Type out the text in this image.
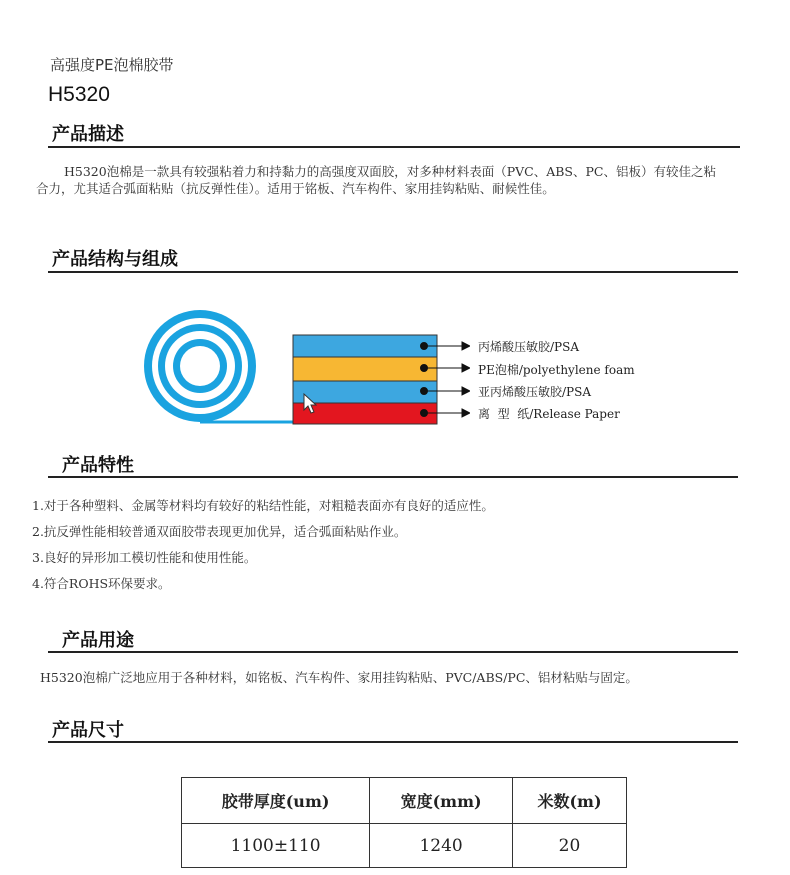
高强度PE泡棉胶带
H5320
产品描述
H5320泡棉是一款具有较强粘着力和持黏力的高强度双面胶，对多种材料表面（PVC、ABS、PC、铝板）有较佳之粘
合力，尤其适合弧面粘贴（抗反弹性佳）。适用于铭板、汽车构件、家用挂钩粘贴、耐候性佳。
产品结构与组成
丙烯酸压敏胶/PSA
PE泡棉/polyethylene foam
亚丙烯酸压敏胶/PSA
离  型  纸/Release Paper
产品特性
1.对于各种塑料、金属等材料均有较好的粘结性能，对粗糙表面亦有良好的适应性。
2.抗反弹性能相较普通双面胶带表现更加优异，适合弧面粘贴作业。
3.良好的异形加工模切性能和使用性能。
4.符合ROHS环保要求。
产品用途
H5320泡棉广泛地应用于各种材料，如铭板、汽车构件、家用挂钩粘贴、PVC/ABS/PC、铝材粘贴与固定。
产品尺寸
胶带厚度(um)	宽度(mm)	米数(m)
1100±110	1240	20
